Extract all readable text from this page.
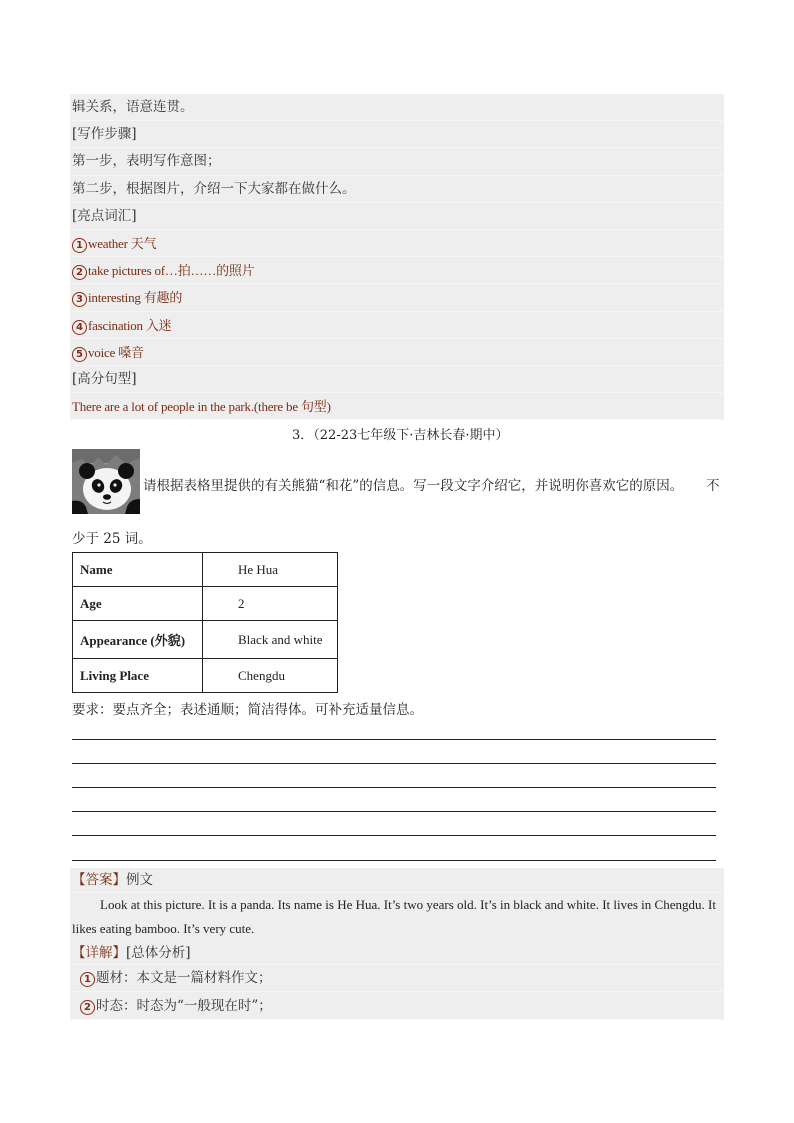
辑关系，语意连贯。
[写作步骤]
第一步，表明写作意图；
第二步，根据图片，介绍一下大家都在做什么。
[亮点词汇]
1 weather 天气
2 take pictures of…拍……的照片
3 interesting 有趣的
4 fascination 入迷
5 voice 嗓音
[高分句型]
There are a lot of people in the park.(there be 句型)
3．（22-23七年级下·吉林长春·期中）
请根据表格里提供的有关熊猫“和花”的信息。写一段文字介绍它，并说明你喜欢它的原因。 不
少于 25 词。
Name	He Hua
Age	2
Appearance (外貌)	Black and white
Living Place	Chengdu
要求：要点齐全；表述通顺；简洁得体。可补充适量信息。
【答案】例文
Look at this picture. It is a panda. Its name is He Hua. It’s two years old. It’s in black and white. It lives in Chengdu. It likes eating bamboo. It’s very cute.
【详解】[总体分析]
1 题材：本文是一篇材料作文；
2 时态：时态为“一般现在时”；
